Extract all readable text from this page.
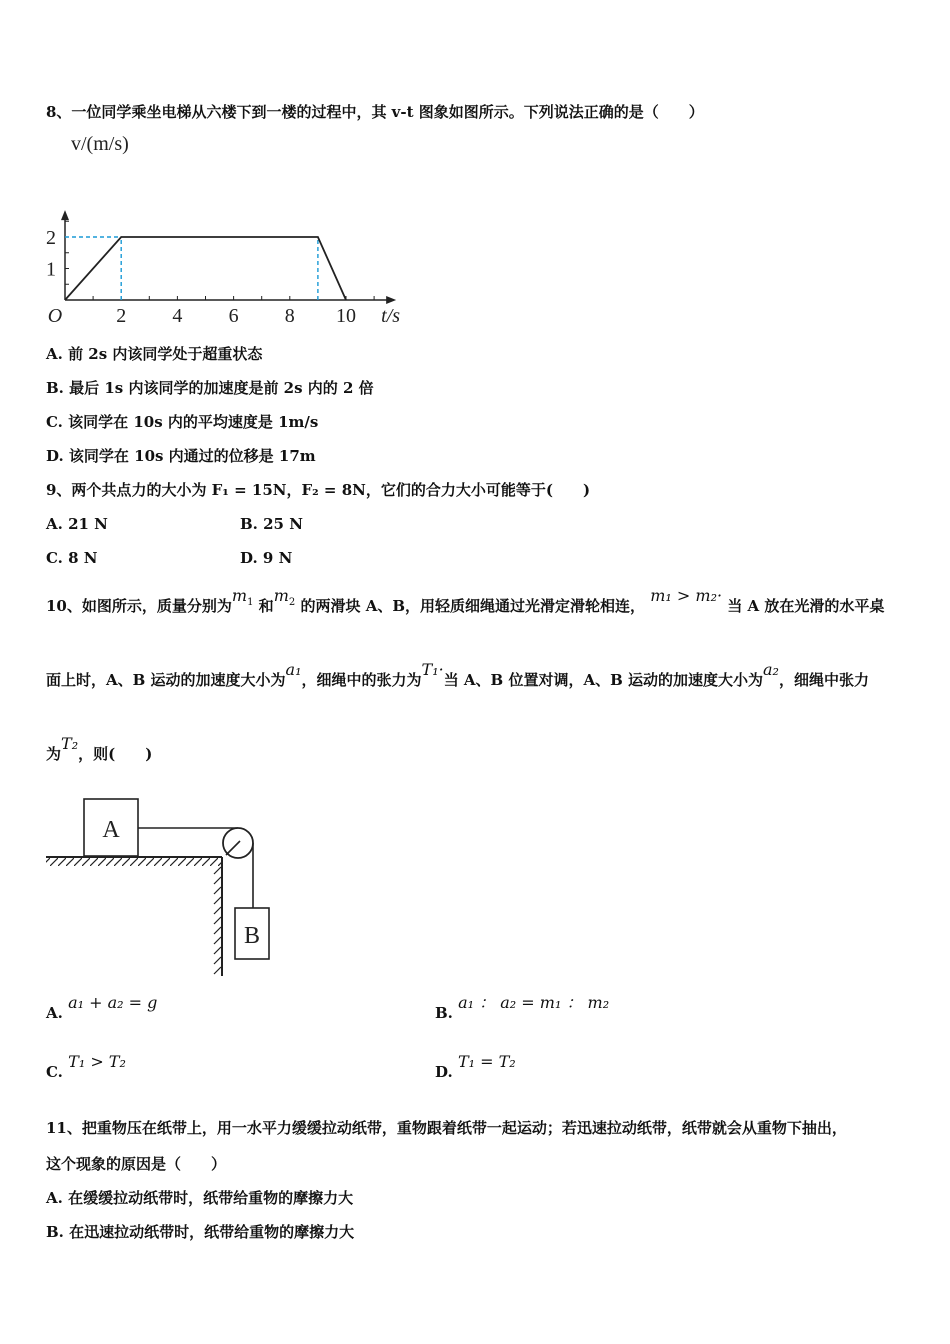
8、一位同学乘坐电梯从六楼下到一楼的过程中，其 v-t 图象如图所示。下列说法正确的是（　　）
2 4 6 8 10
1
2
O
v/(m/s)
t/s
A. 前 2s 内该同学处于超重状态
B. 最后 1s 内该同学的加速度是前 2s 内的 2 倍
C. 该同学在 10s 内的平均速度是 1m/s
D. 该同学在 10s 内通过的位移是 17m
9、两个共点力的大小为 F₁ = 15N，F₂ = 8N，它们的合力大小可能等于(　　)
A. 21 N	B. 25 N
C. 8 N	D. 9 N
10、如图所示，质量分别为$m_1$ 和$m_2$ 的两滑块 A、B，用轻质细绳通过光滑定滑轮相连， m₁ > m₂· 当 A 放在光滑的水平桌
面上时，A、B 运动的加速度大小为a₁，细绳中的张力为T₁·当 A、B 位置对调，A、B 运动的加速度大小为a₂，细绳中张力
为T₂，则(　　)
A
B
A. a₁ + a₂ = g
B. a₁ ： a₂ = m₁ ： m₂
C. T₁ > T₂
D. T₁ = T₂
11、把重物压在纸带上，用一水平力缓缓拉动纸带，重物跟着纸带一起运动；若迅速拉动纸带，纸带就会从重物下抽出，
这个现象的原因是（　　）
A. 在缓缓拉动纸带时，纸带给重物的摩擦力大
B. 在迅速拉动纸带时，纸带给重物的摩擦力大
